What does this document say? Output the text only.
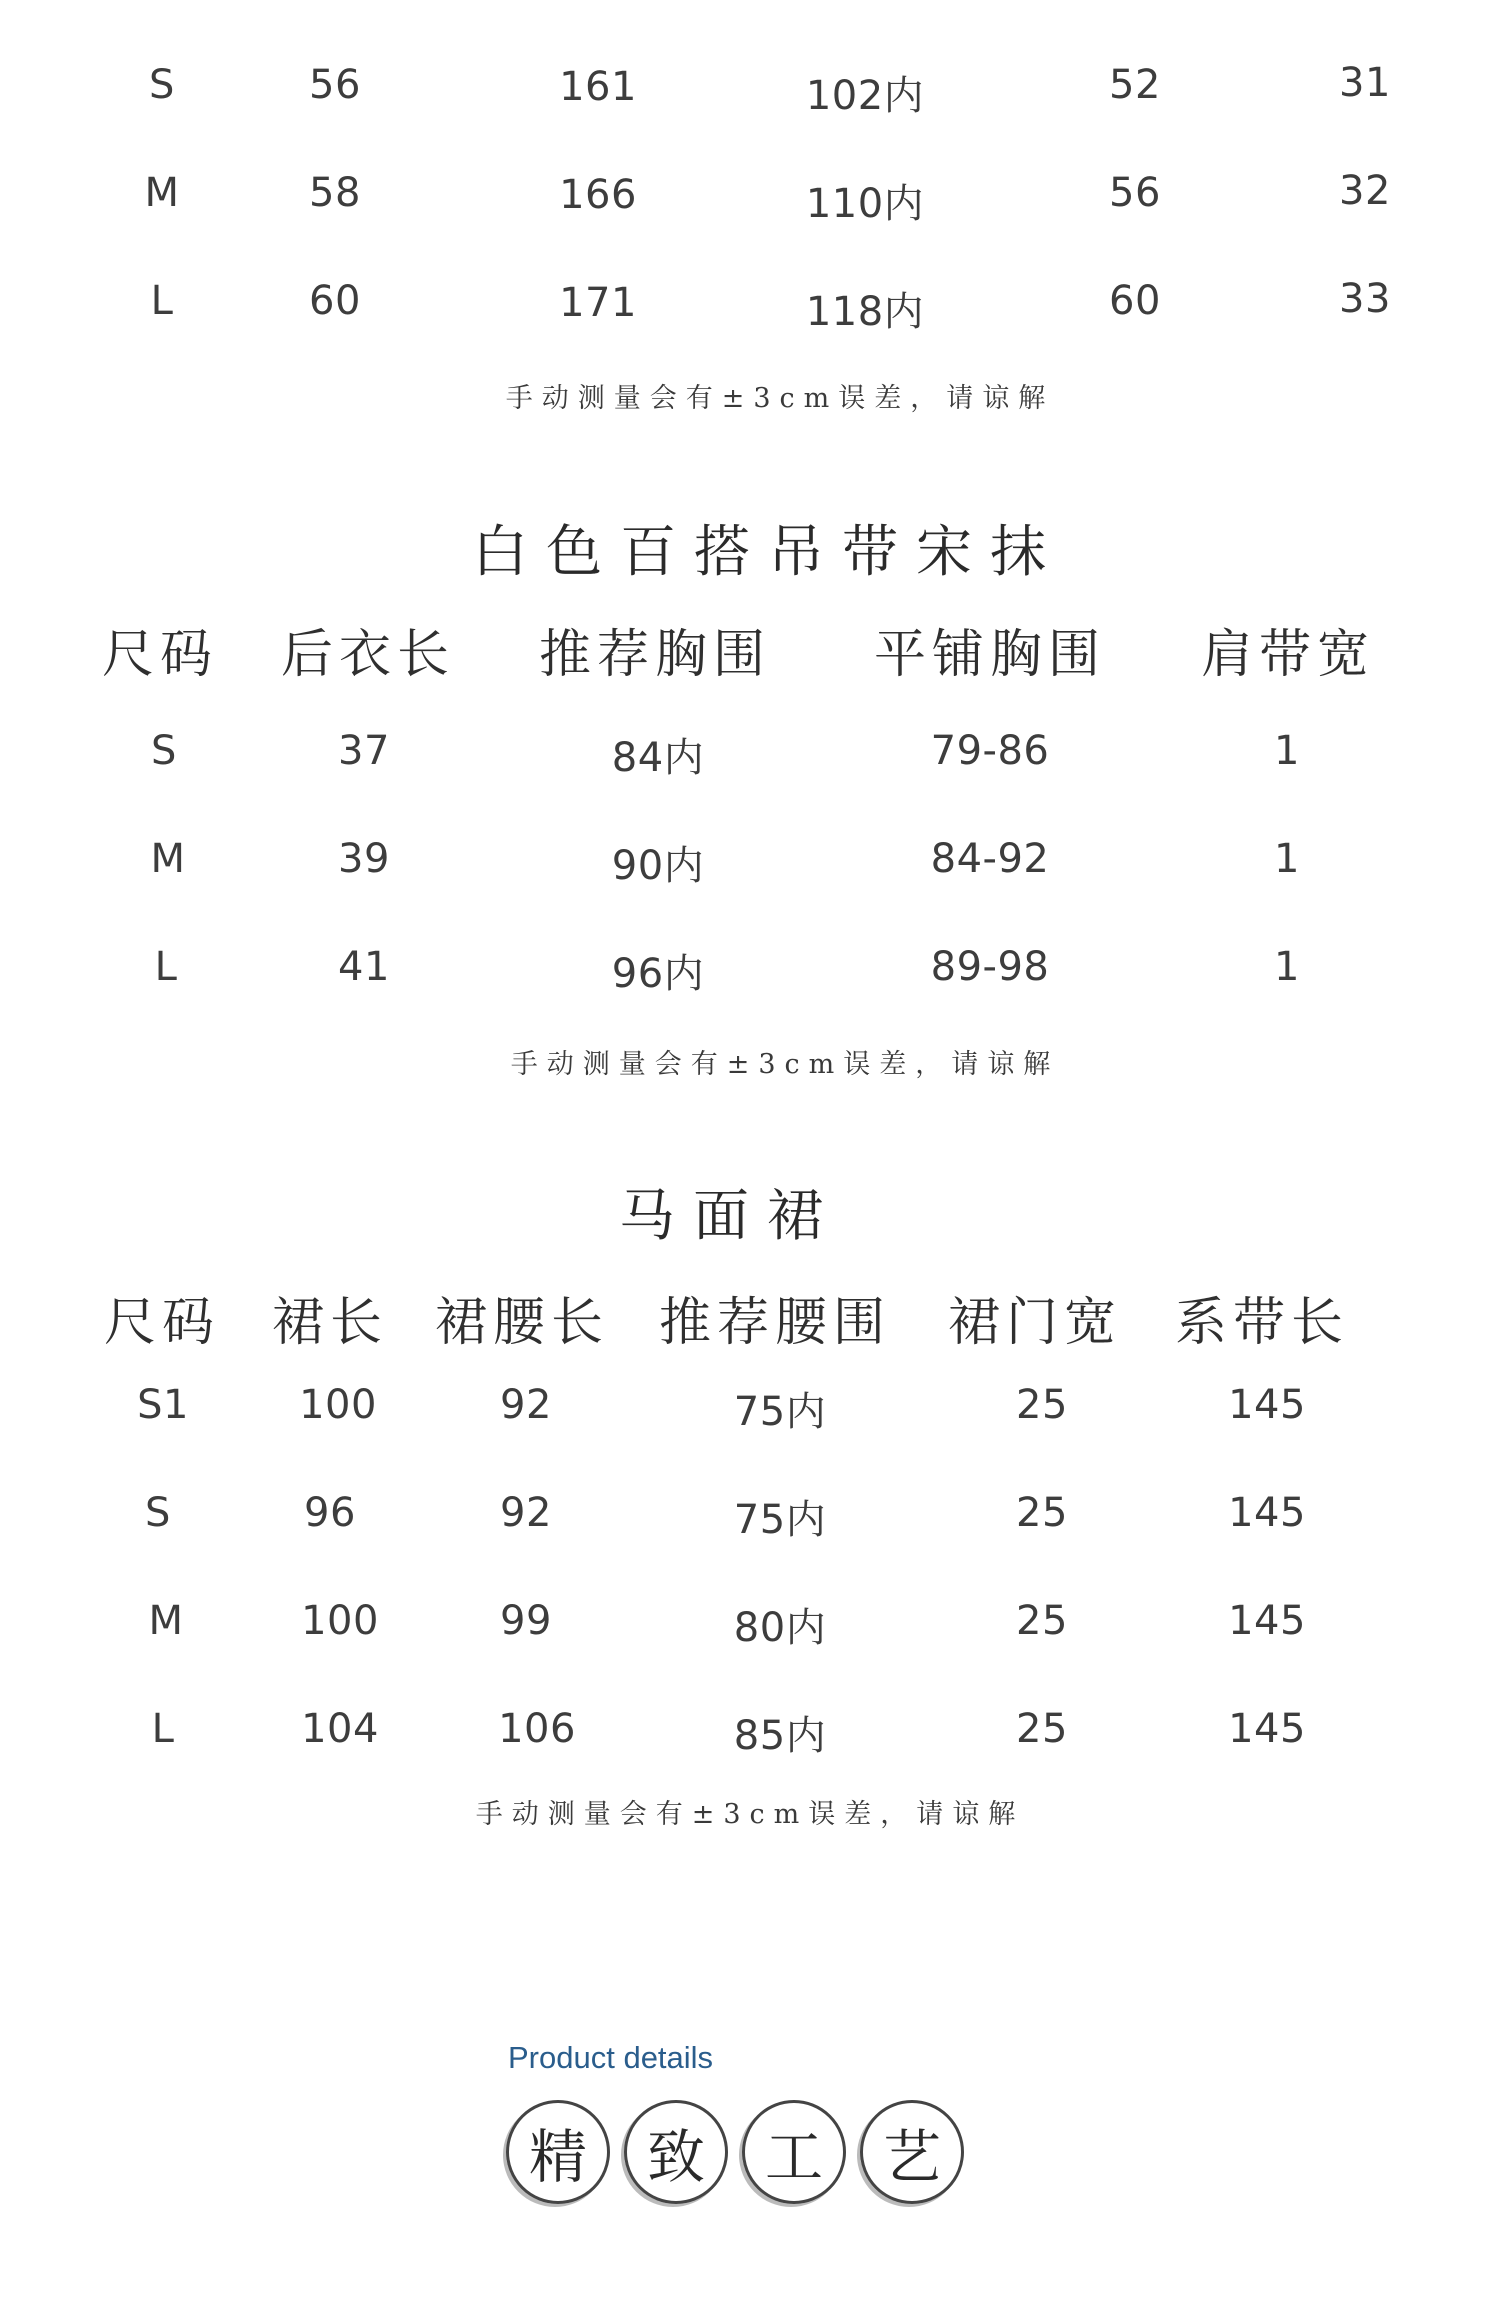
S	56	161	102内	52	31
M	58	166	110内	56	32
L	60	171	118内	60	33
手动测量会有±3cm误差，请谅解
白色百搭吊带宋抹
尺码 后衣长 推荐胸围 平铺胸围 肩带宽
S	37	84内	79-86	1
M	39	90内	84-92	1
L	41	96内	89-98	1
手动测量会有±3cm误差，请谅解
马面裙
尺码 裙长 裙腰长 推荐腰围 裙门宽 系带长
S1	100	92	75内	25	145
S	96	92	75内	25	145
M	100	99	80内	25	145
L	104	106	85内	25	145
手动测量会有±3cm误差，请谅解
Product details
精	致	工	艺
